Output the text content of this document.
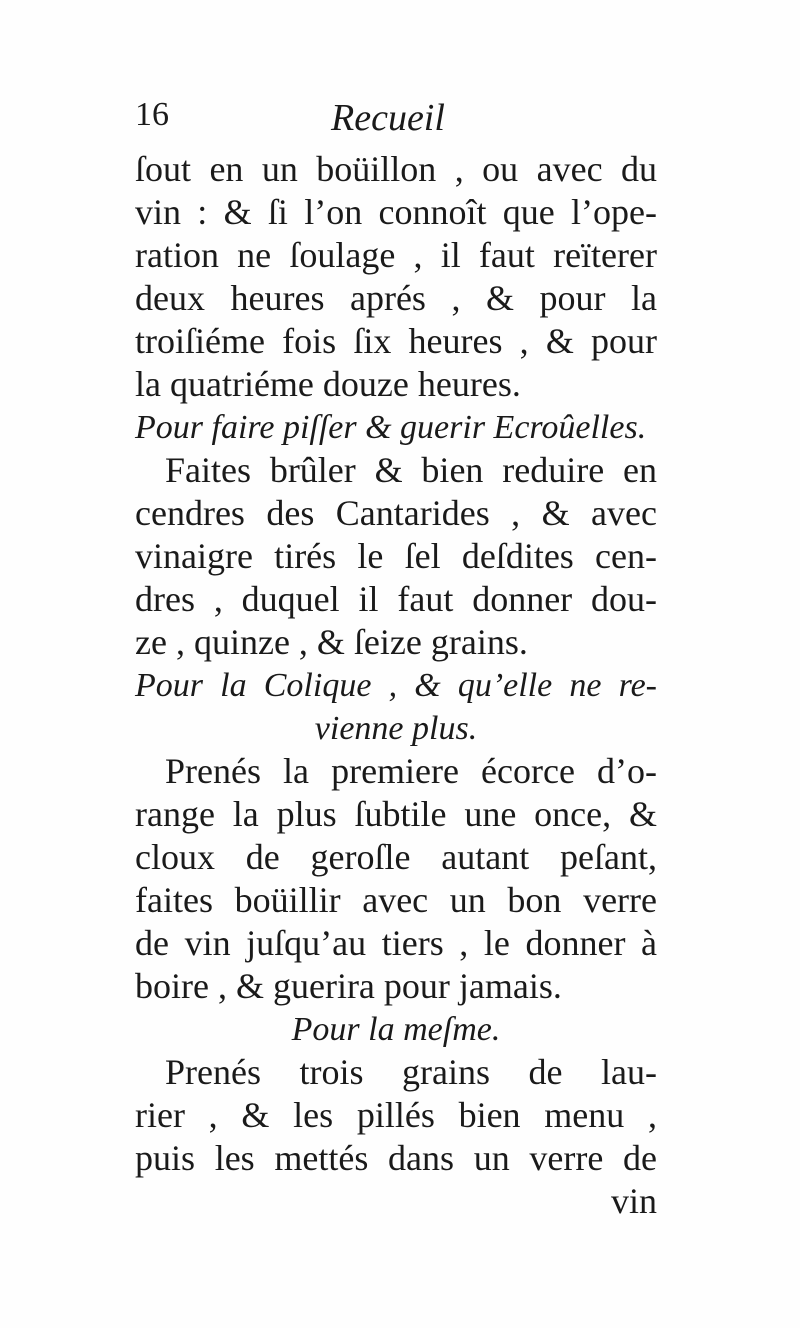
16	Recueil
ſout en un boüillon , ou avec du
vin : & ſi l’on connoît que l’ope-
ration ne ſoulage , il faut reïterer
deux heures aprés , & pour la
troiſiéme fois ſix heures , & pour
la quatriéme douze heures.
Pour faire piſſer & guerir Ecroûelles.
Faites brûler & bien reduire en
cendres des Cantarides , & avec
vinaigre tirés le ſel deſdites cen-
dres , duquel il faut donner dou-
ze , quinze , & ſeize grains.
Pour la Colique , & qu’elle ne re-
vienne plus.
Prenés la premiere écorce d’o-
range la plus ſubtile une once, &
cloux de geroſle autant peſant,
faites boüillir avec un bon verre
de vin juſqu’au tiers , le donner à
boire , & guerira pour jamais.
Pour la meſme.
Prenés trois grains de lau-
rier , & les pillés bien menu ,
puis les mettés dans un verre de
vin
